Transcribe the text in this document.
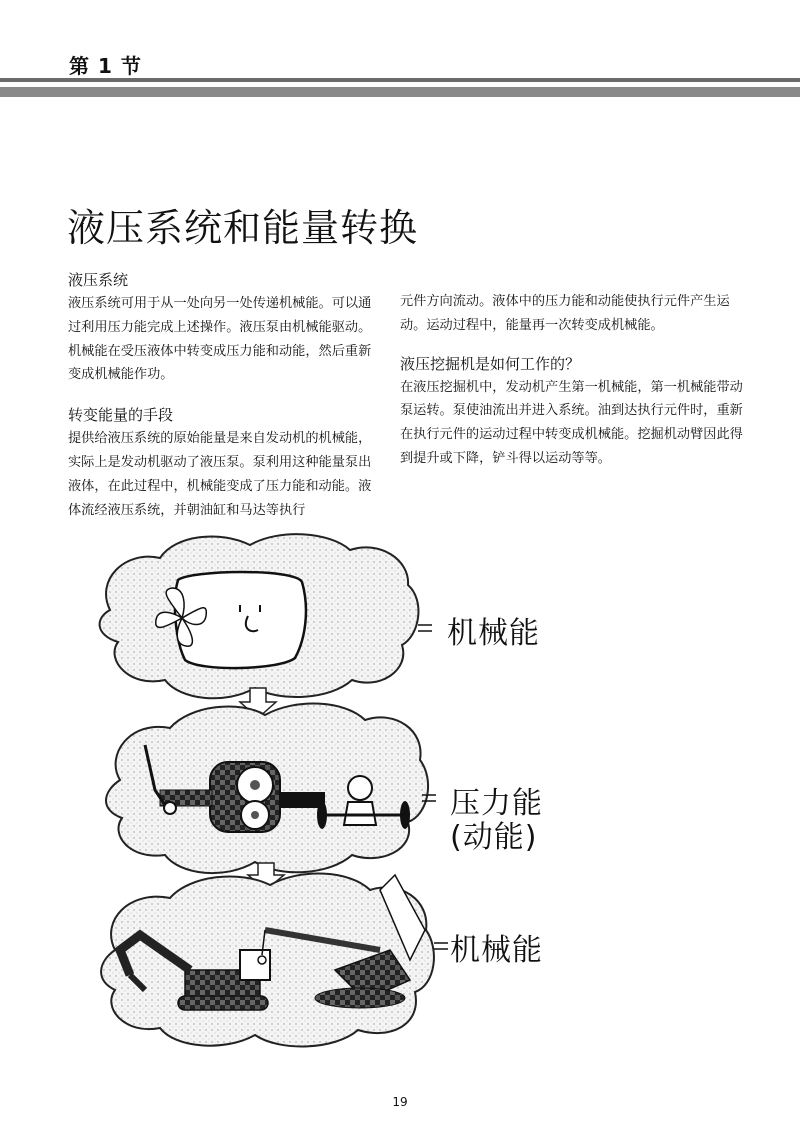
第 1 节
液压系统和能量转换
液压系统

液压系统可用于从一处向另一处传递机械能。可以通过利用压力能完成上述操作。液压泵由机械能驱动。机械能在受压液体中转变成压力能和动能，然后重新变成机械能作功。

转变能量的手段

提供给液压系统的原始能量是来自发动机的机械能，实际上是发动机驱动了液压泵。泵利用这种能量泵出液体，在此过程中，机械能变成了压力能和动能。液体流经液压系统，并朝油缸和马达等执行

元件方向流动。液体中的压力能和动能使执行元件产生运动。运动过程中，能量再一次转变成机械能。

液压挖掘机是如何工作的？

在液压挖掘机中，发动机产生第一机械能，第一机械能带动泵运转。泵使油流出并进入系统。油到达执行元件时，重新在执行元件的运动过程中转变成机械能。挖掘机动臂因此得到提升或下降，铲斗得以运动等等。

机械能
压力能
(动能)
机械能
19
